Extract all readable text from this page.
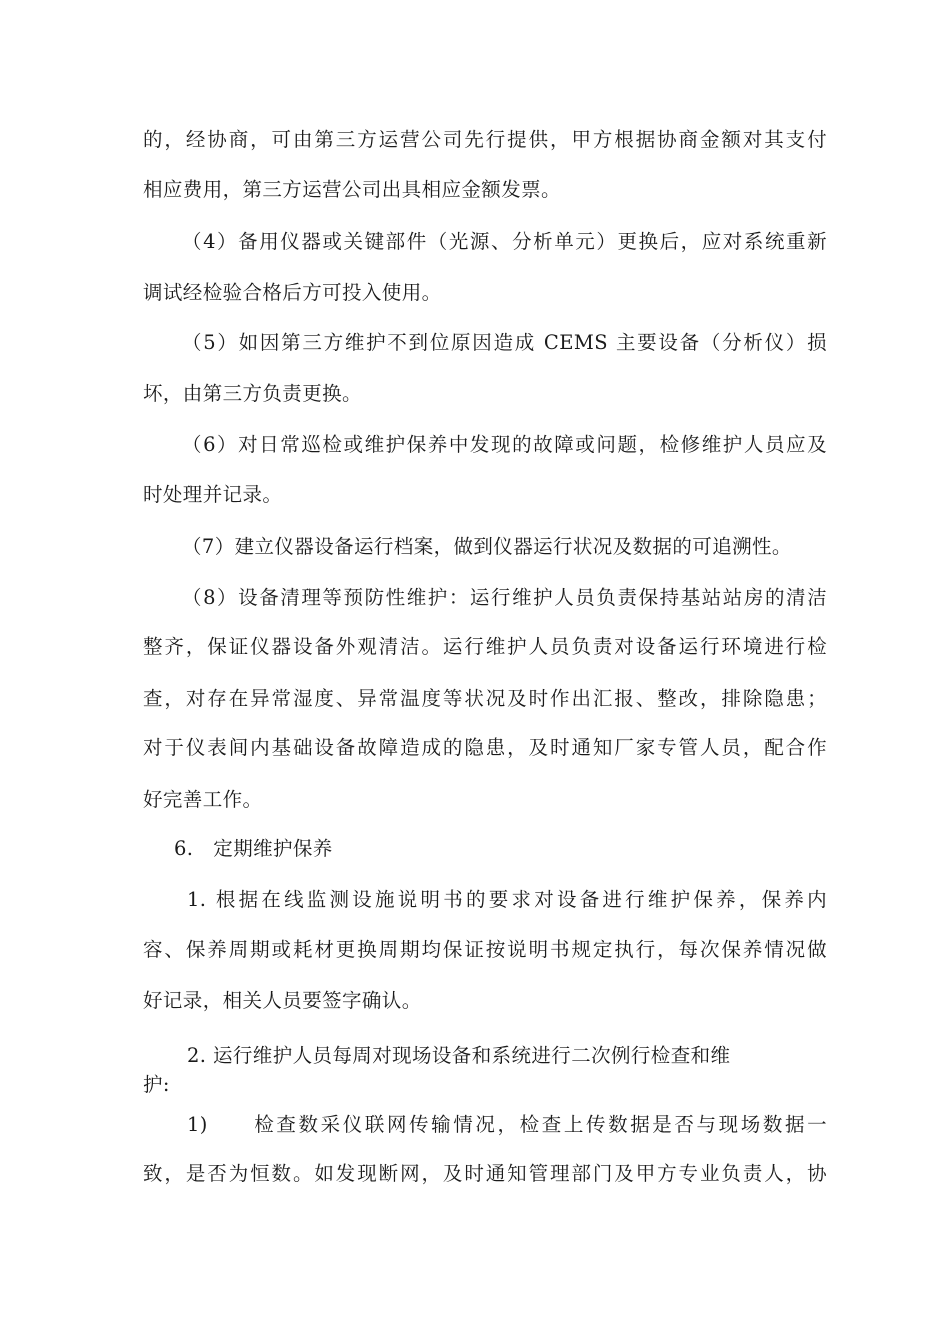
的，经协商，可由第三方运营公司先行提供，甲方根据协商金额对其支付
相应费用，第三方运营公司出具相应金额发票。
（4）备用仪器或关键部件（光源、分析单元）更换后，应对系统重新
调试经检验合格后方可投入使用。
（5）如因第三方维护不到位原因造成 CEMS 主要设备（分析仪）损
坏，由第三方负责更换。
（6）对日常巡检或维护保养中发现的故障或问题，检修维护人员应及
时处理并记录。
（7）建立仪器设备运行档案，做到仪器运行状况及数据的可追溯性。
（8）设备清理等预防性维护：运行维护人员负责保持基站站房的清洁
整齐，保证仪器设备外观清洁。运行维护人员负责对设备运行环境进行检
查，对存在异常湿度、异常温度等状况及时作出汇报、整改，排除隐患；
对于仪表间内基础设备故障造成的隐患，及时通知厂家专管人员，配合作
好完善工作。
6.　定期维护保养
1. 根据在线监测设施说明书的要求对设备进行维护保养，保养内
容、保养周期或耗材更换周期均保证按说明书规定执行，每次保养情况做
好记录，相关人员要签字确认。
2. 运行维护人员每周对现场设备和系统进行二次例行检查和维
护:
1)　　检查数采仪联网传输情况，检查上传数据是否与现场数据一
致，是否为恒数。如发现断网，及时通知管理部门及甲方专业负责人，协
